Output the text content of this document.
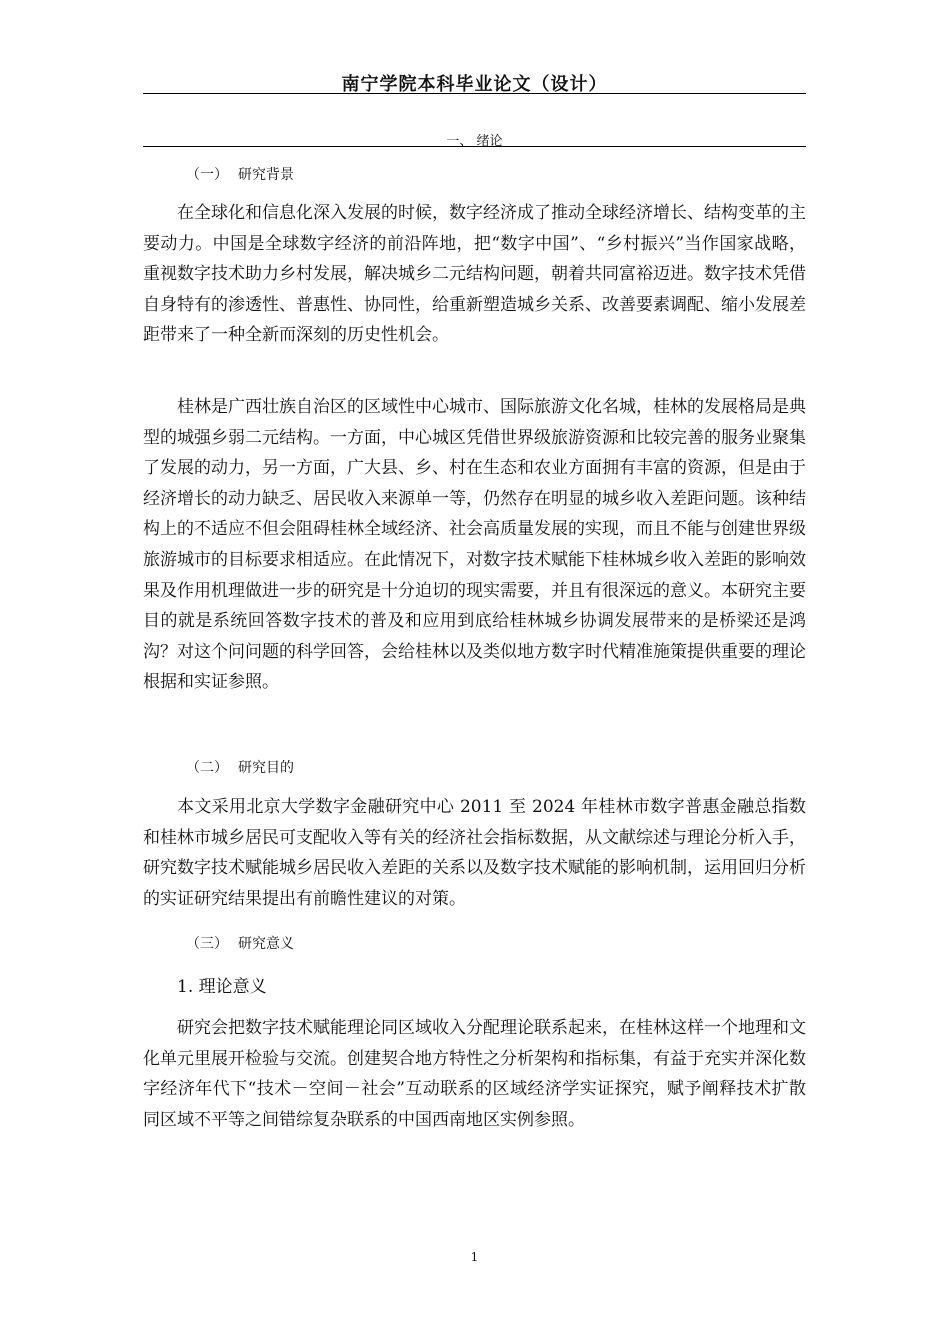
南宁学院本科毕业论文（设计）
一、 绪论
（一） 研究背景

在全球化和信息化深入发展的时候，数字经济成了推动全球经济增长、结构变革的主要动力。中国是全球数字经济的前沿阵地，把“数字中国”、“乡村振兴”当作国家战略，重视数字技术助力乡村发展，解决城乡二元结构问题，朝着共同富裕迈进。数字技术凭借自身特有的渗透性、普惠性、协同性，给重新塑造城乡关系、改善要素调配、缩小发展差距带来了一种全新而深刻的历史性机会。

桂林是广西壮族自治区的区域性中心城市、国际旅游文化名城，桂林的发展格局是典型的城强乡弱二元结构。一方面，中心城区凭借世界级旅游资源和比较完善的服务业聚集了发展的动力，另一方面，广大县、乡、村在生态和农业方面拥有丰富的资源，但是由于经济增长的动力缺乏、居民收入来源单一等，仍然存在明显的城乡收入差距问题。该种结构上的不适应不但会阻碍桂林全域经济、社会高质量发展的实现，而且不能与创建世界级旅游城市的目标要求相适应。在此情况下，对数字技术赋能下桂林城乡收入差距的影响效果及作用机理做进一步的研究是十分迫切的现实需要，并且有很深远的意义。本研究主要目的就是系统回答数字技术的普及和应用到底给桂林城乡协调发展带来的是桥梁还是鸿沟？对这个问问题的科学回答，会给桂林以及类似地方数字时代精准施策提供重要的理论根据和实证参照。

（二） 研究目的

本文采用北京大学数字金融研究中心 2011 至 2024 年桂林市数字普惠金融总指数和桂林市城乡居民可支配收入等有关的经济社会指标数据，从文献综述与理论分析入手，研究数字技术赋能城乡居民收入差距的关系以及数字技术赋能的影响机制，运用回归分析的实证研究结果提出有前瞻性建议的对策。

（三） 研究意义
1. 理论意义

研究会把数字技术赋能理论同区域收入分配理论联系起来，在桂林这样一个地理和文化单元里展开检验与交流。创建契合地方特性之分析架构和指标集，有益于充实并深化数字经济年代下“技术－空间－社会”互动联系的区域经济学实证探究，赋予阐释技术扩散同区域不平等之间错综复杂联系的中国西南地区实例参照。

1
